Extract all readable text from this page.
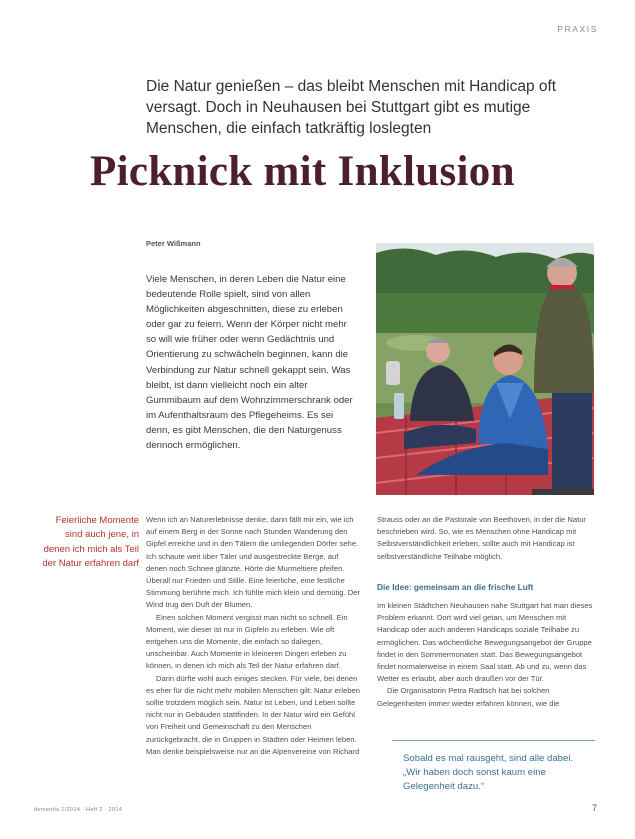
PRAXIS
Die Natur genießen – das bleibt Menschen mit Handicap oft versagt. Doch in Neuhausen bei Stuttgart gibt es mutige Menschen, die einfach tatkräftig loslegten
Picknick mit Inklusion
Peter Wißmann
Viele Menschen, in deren Leben die Natur eine bedeutende Rolle spielt, sind von allen Möglichkeiten abgeschnitten, diese zu erleben oder gar zu feiern. Wenn der Körper nicht mehr so will wie früher oder wenn Gedächtnis und Orientierung zu schwächeln beginnen, kann die Verbindung zur Natur schnell gekappt sein. Was bleibt, ist dann vielleicht noch ein alter Gummibaum auf dem Wohnzimmerschrank oder im Aufenthaltsraum des Pflegeheims. Es sei denn, es gibt Menschen, die den Naturgenuss dennoch ermöglichen.
Feierliche Momente sind auch jene, in denen ich mich als Teil der Natur erfahren darf

Wenn ich an Naturerlebnisse denke, dann fällt mir ein, wie ich auf einem Berg in der Sonne nach Stunden Wanderung den Gipfel erreiche und in den Tälern die umliegenden Dörfer sehe. Ich schaute weit über Täler und ausgestreckte Berge, auf denen noch Schnee glänzte. Hörte die Murmeltiere pfeifen. Überall nur Frieden und Stille. Eine feierliche, eine festliche Stimmung berührte mich. Ich fühlte mich klein und demütig. Der Wind trug den Duft der Blumen.

Einen solchen Moment vergisst man nicht so schnell. Ein Moment, wie dieser ist nur in Gipfeln zu erleben. Wie oft entgehen uns die Momente, die einfach so daliegen, unscheinbar. Auch Momente in kleineren Dingen erleben zu können, in denen ich mich als Teil der Natur erfahren darf.

Darin dürfte wohl auch einiges stecken. Für viele, bei denen es eher für die nicht mehr mobilen Menschen gilt: Natur erleben sollte trotzdem möglich sein. Natur ist Leben, und Leben sollte nicht nur in Gebäuden stattfinden. In der Natur wird ein Gefühl von Freiheit und Gemeinschaft zu den Menschen zurückgebracht, die in Gruppen in Städten oder Heimen leben. Man denke beispielsweise nur an die Alpenvereine von Richard

Strauss oder an die Pastorale von Beethoven, in der die Natur beschrieben wird. So, wie es Menschen ohne Handicap mit Selbstverständlichkeit erleben, sollte auch mit Handicap ist selbstverständliche Teilhabe möglich.

Die Idee: gemeinsam an die frische Luft

Im kleinen Städtchen Neuhausen nahe Stuttgart hat man dieses Problem erkannt. Dort wird viel getan, um Menschen mit Handicap oder auch anderen Handicaps soziale Teilhabe zu ermöglichen. Das wöchentliche Bewegungsangebot der Gruppe findet in den Sommermonaten statt. Das Bewegungsangebot findet normalerweise in einem Saal statt. Ab und zu, wenn das Wetter es erlaubt, aber auch draußen vor der Tür.

Die Organisatorin Petra Radtsch hat bei solchen Gelegenheiten immer wieder erfahren können, wie die

Sobald es mal rausgeht, sind alle dabei. „Wir haben doch sonst kaum eine Gelegenheit dazu.“
dementia 1/2014 · Heft 2 · 2014	7
